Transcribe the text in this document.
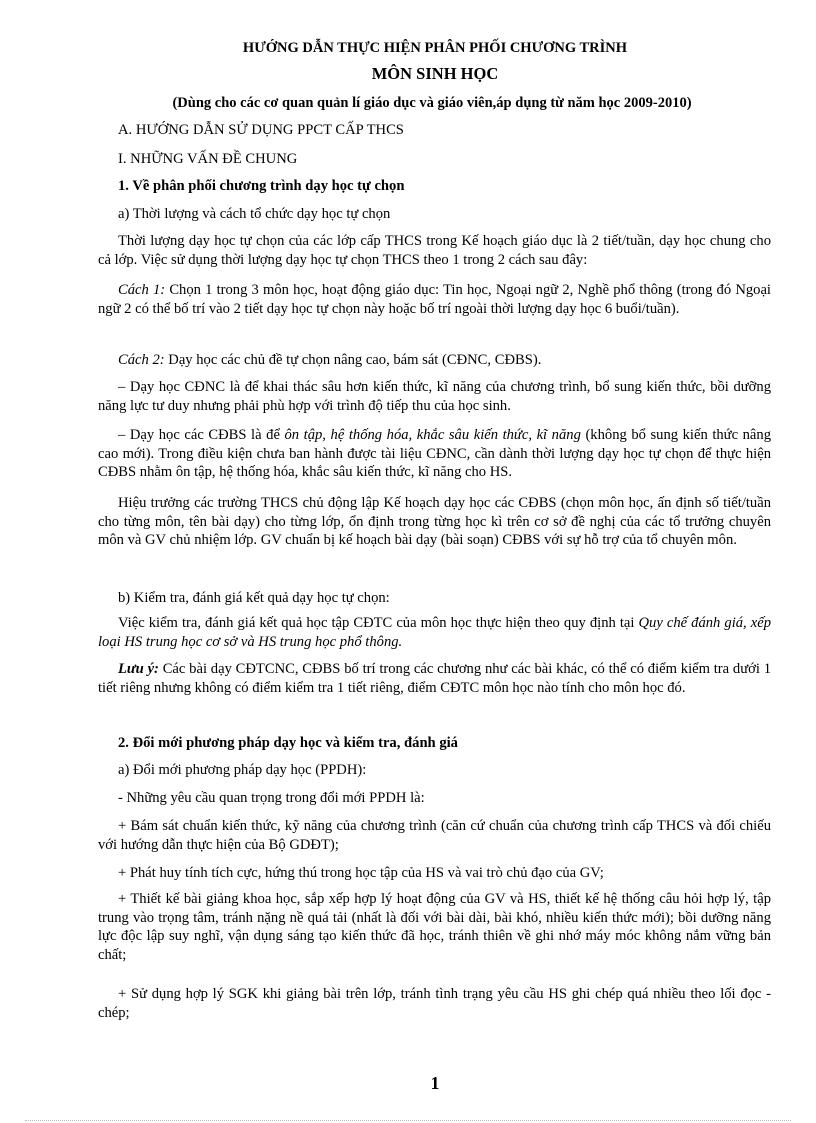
HƯỚNG DẪN THỰC HIỆN PHÂN PHỐI CHƯƠNG TRÌNH
MÔN SINH HỌC
(Dùng cho các cơ quan quản lí giáo dục và giáo viên,áp dụng từ năm học 2009-2010)
A. HƯỚNG DẪN SỬ DỤNG PPCT CẤP THCS
I. NHỮNG VẤN ĐỀ CHUNG
1. Về phân phối chương trình dạy học tự chọn
a) Thời lượng và cách tổ chức dạy học tự chọn
Thời lượng dạy học tự chọn của các lớp cấp THCS trong Kế hoạch giáo dục là 2 tiết/tuần, dạy học chung cho cả lớp. Việc sử dụng thời lượng dạy học tự chọn THCS theo 1 trong 2 cách sau đây:
Cách 1: Chọn 1 trong 3 môn học, hoạt động giáo dục: Tin học, Ngoại ngữ 2, Nghề phổ thông (trong đó Ngoại ngữ 2 có thể bố trí vào 2 tiết dạy học tự chọn này hoặc bố trí ngoài thời lượng dạy học 6 buổi/tuần).
Cách 2: Dạy học các chủ đề tự chọn nâng cao, bám sát (CĐNC, CĐBS).
– Dạy học CĐNC là để khai thác sâu hơn kiến thức, kĩ năng của chương trình, bổ sung kiến thức, bồi dưỡng năng lực tư duy nhưng phải phù hợp với trình độ tiếp thu của học sinh.
– Dạy học các CĐBS là để ôn tập, hệ thống hóa, khắc sâu kiến thức, kĩ năng (không bổ sung kiến thức nâng cao mới). Trong điều kiện chưa ban hành được tài liệu CĐNC, cần dành thời lượng dạy học tự chọn để thực hiện CĐBS nhằm ôn tập, hệ thống hóa, khắc sâu kiến thức, kĩ năng cho HS.
Hiệu trưởng các trường THCS chủ động lập Kế hoạch dạy học các CĐBS (chọn môn học, ấn định số tiết/tuần cho từng môn, tên bài dạy) cho từng lớp, ổn định trong từng học kì trên cơ sở đề nghị của các tổ trưởng chuyên môn và GV chủ nhiệm lớp. GV chuẩn bị kế hoạch bài dạy (bài soạn) CĐBS với sự hỗ trợ của tổ chuyên môn.
b) Kiểm tra, đánh giá kết quả dạy học tự chọn:
Việc kiểm tra, đánh giá kết quả học tập CĐTC của môn học thực hiện theo quy định tại Quy chế đánh giá, xếp loại HS trung học cơ sở và HS trung học phổ thông.
Lưu ý: Các bài dạy CĐTCNC, CĐBS bố trí trong các chương như các bài khác, có thể có điểm kiểm tra dưới 1 tiết riêng nhưng không có điểm kiểm tra 1 tiết riêng, điểm CĐTC môn học nào tính cho môn học đó.
2. Đổi mới phương pháp dạy học và kiểm tra, đánh giá
a) Đổi mới phương pháp dạy học (PPDH):
- Những yêu cầu quan trọng trong đổi mới PPDH là:
+ Bám sát chuẩn kiến thức, kỹ năng của chương trình (căn cứ chuẩn của chương trình cấp THCS và đối chiếu với hướng dẫn thực hiện của Bộ GDĐT);
+ Phát huy tính tích cực, hứng thú trong học tập của HS và vai trò chủ đạo của GV;
+ Thiết kế bài giảng khoa học, sắp xếp hợp lý hoạt động của GV và HS, thiết kế hệ thống câu hỏi hợp lý, tập trung vào trọng tâm, tránh nặng nề quá tải (nhất là đối với bài dài, bài khó, nhiều kiến thức mới); bồi dưỡng năng lực độc lập suy nghĩ, vận dụng sáng tạo kiến thức đã học, tránh thiên về ghi nhớ máy móc không nắm vững bản chất;
+ Sử dụng hợp lý SGK khi giảng bài trên lớp, tránh tình trạng yêu cầu HS ghi chép quá nhiều theo lối đọc - chép;
1
